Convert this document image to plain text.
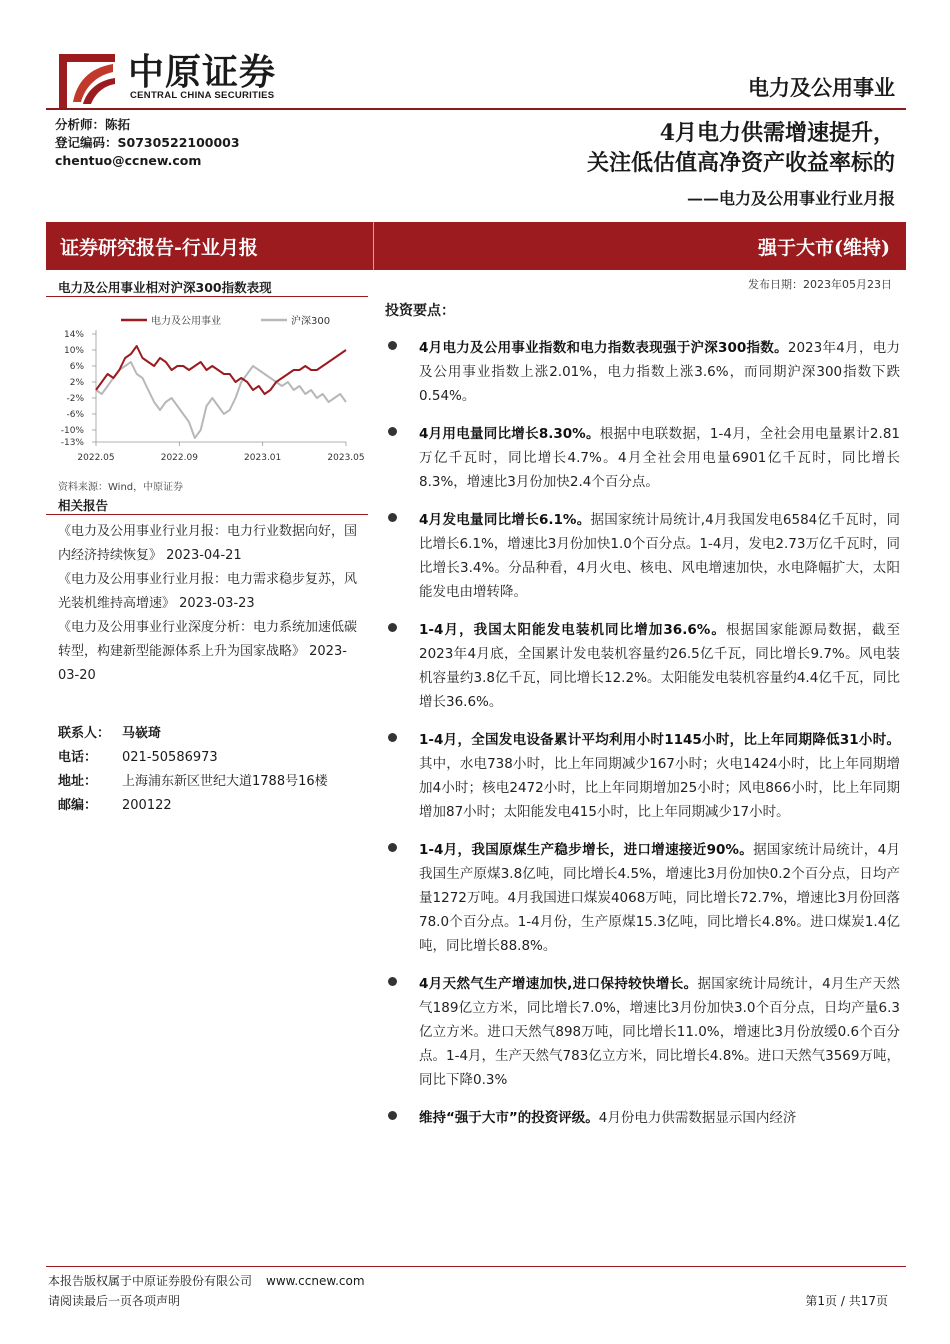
中原证券
CENTRAL CHINA SECURITIES	电力及公用事业
分析师：陈拓
登记编码：S0730522100003
chentuo@ccnew.com
4月电力供需增速提升，
关注低估值高净资产收益率标的
——电力及公用事业行业月报
证券研究报告-行业月报	强于大市(维持)
电力及公用事业相对沪深300指数表现	发布日期：2023年05月23日
电力及公用事业	沪深300
14%
10%
6%
2%
-2%
-6%
-10%
-13%
2022.05	2022.09	2023.01	2023.05
资料来源：Wind，中原证券
相关报告
《电力及公用事业行业月报：电力行业数据向好，国内经济持续恢复》 2023-04-21
《电力及公用事业行业月报：电力需求稳步复苏，风光装机维持高增速》 2023-03-23
《电力及公用事业行业深度分析：电力系统加速低碳转型，构建新型能源体系上升为国家战略》 2023-03-20
联系人： 马嵚琦
电话： 021-50586973
地址： 上海浦东新区世纪大道1788号16楼
邮编： 200122
投资要点：
4月电力及公用事业指数和电力指数表现强于沪深300指数。2023年4月，电力及公用事业指数上涨2.01%，电力指数上涨3.6%，而同期沪深300指数下跌0.54%。
4月用电量同比增长8.30%。根据中电联数据，1-4月，全社会用电量累计2.81万亿千瓦时，同比增长4.7%。4月全社会用电量6901亿千瓦时，同比增长8.3%，增速比3月份加快2.4个百分点。
4月发电量同比增长6.1%。据国家统计局统计,4月我国发电6584亿千瓦时，同比增长6.1%，增速比3月份加快1.0个百分点。1-4月，发电2.73万亿千瓦时，同比增长3.4%。分品种看，4月火电、核电、风电增速加快，水电降幅扩大，太阳能发电由增转降。
1-4月，我国太阳能发电装机同比增加36.6%。根据国家能源局数据，截至2023年4月底，全国累计发电装机容量约26.5亿千瓦，同比增长9.7%。风电装机容量约3.8亿千瓦，同比增长12.2%。太阳能发电装机容量约4.4亿千瓦，同比增长36.6%。
1-4月，全国发电设备累计平均利用小时1145小时，比上年同期降低31小时。其中，水电738小时，比上年同期减少167小时；火电1424小时，比上年同期增加4小时；核电2472小时，比上年同期增加25小时；风电866小时，比上年同期增加87小时；太阳能发电415小时，比上年同期减少17小时。
1-4月，我国原煤生产稳步增长，进口增速接近90%。据国家统计局统计，4月我国生产原煤3.8亿吨，同比增长4.5%，增速比3月份加快0.2个百分点，日均产量1272万吨。4月我国进口煤炭4068万吨，同比增长72.7%，增速比3月份回落78.0个百分点。1-4月份，生产原煤15.3亿吨，同比增长4.8%。进口煤炭1.4亿吨，同比增长88.8%。
4月天然气生产增速加快,进口保持较快增长。据国家统计局统计，4月生产天然气189亿立方米，同比增长7.0%，增速比3月份加快3.0个百分点，日均产量6.3亿立方米。进口天然气898万吨，同比增长11.0%，增速比3月份放缓0.6个百分点。1-4月，生产天然气783亿立方米，同比增长4.8%。进口天然气3569万吨，同比下降0.3%
维持“强于大市”的投资评级。4月份电力供需数据显示国内经济
本报告版权属于中原证券股份有限公司 www.ccnew.com
请阅读最后一页各项声明	第1页 / 共17页
